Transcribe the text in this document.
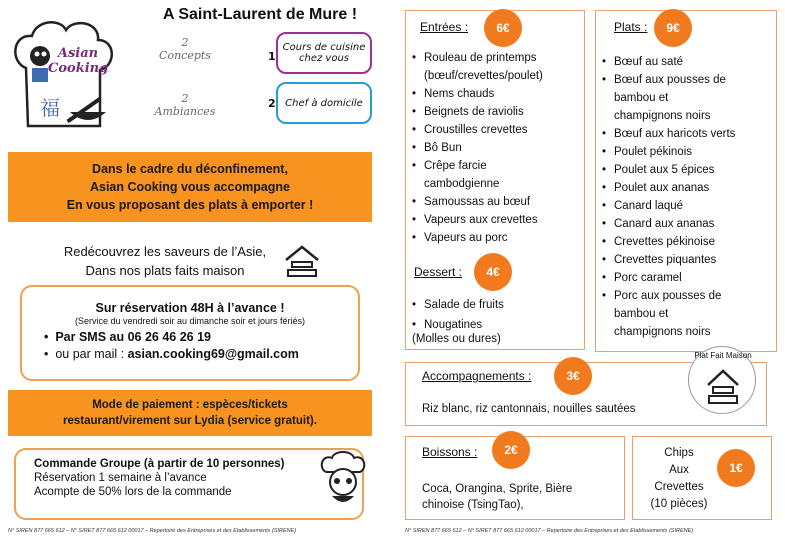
Asian
Cooking
福
A Saint-Laurent de Mure !
2
Concepts
2
Ambiances
1
Cours de cuisine chez vous
2 Chef à domicile
Dans le cadre du déconfinement,
Asian Cooking vous accompagne
En vous proposant des plats à emporter !
Redécouvrez les saveurs de l’Asie,
Dans nos plats faits maison
Sur réservation 48H à l’avance !
(Service du vendredi soir au dimanche soir et jours fériés)
•  Par SMS au 06 26 46 26 19
•  ou par mail : asian.cooking69@gmail.com
Mode de paiement : espèces/tickets
restaurant/virement sur Lydia (service gratuit).
Commande Groupe (à partir de 10 personnes)
Réservation 1 semaine à l’avance
Acompte de 50% lors de la commande
N° SIREN 877 665 612 – N° SIRET 877 665 612 00017 – Repertoire des Entreprises et des Etablissements (SIRENE)
Entrées :	6€
• Rouleau de printemps
(bœuf/crevettes/poulet)
• Nems chauds
• Beignets de raviolis
• Croustilles crevettes
• Bô Bun
• Crêpe farcie
cambodgienne
• Samoussas au bœuf
• Vapeurs aux crevettes
• Vapeurs au porc
Dessert :	4€
• Salade de fruits
• Nougatines
(Molles ou dures)
Plats :	9€
• Bœuf au saté
• Bœuf aux pousses de
bambou et
champignons noirs
• Bœuf aux haricots verts
• Poulet pékinois
• Poulet aux 5 épices
• Poulet aux ananas
• Canard laqué
• Canard aux ananas
• Crevettes pékinoise
• Crevettes piquantes
• Porc caramel
• Porc aux pousses de
bambou et
champignons noirs
Accompagnements :	3€
Riz blanc, riz cantonnais, nouilles sautées
Plat Fait Maison
Boissons :	2€
Coca, Orangina, Sprite, Bière
chinoise (TsingTao),
Chips
Aux
Crevettes
(10 pièces)
1€
N° SIREN 877 665 612 – N° SIRET 877 665 612 00017 – Repertoire des Entreprises et des Etablissements (SIRENE)
